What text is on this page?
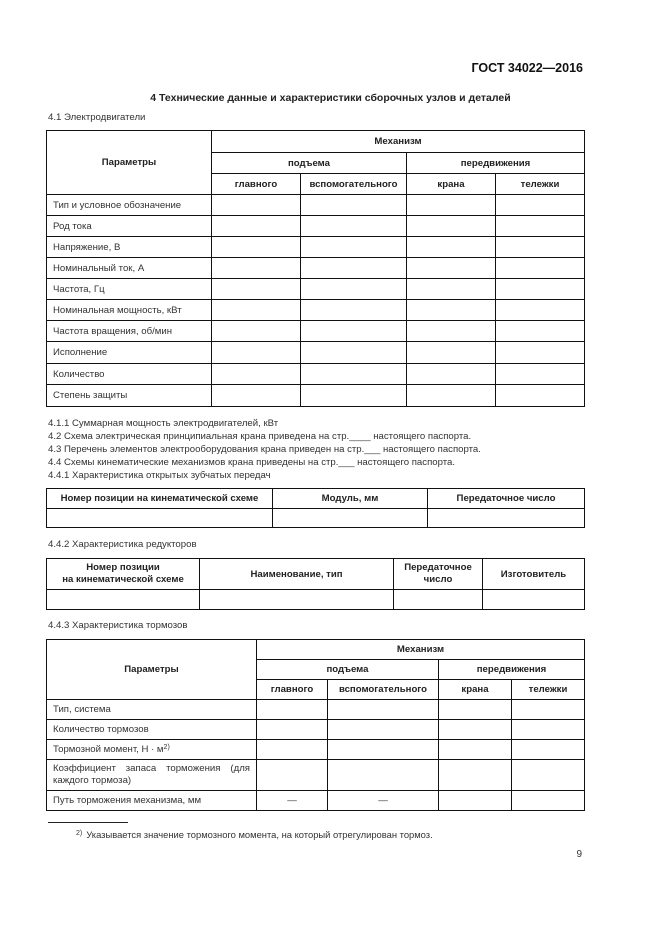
ГОСТ 34022—2016
4 Технические данные и характеристики сборочных узлов и деталей
4.1 Электродвигатели
Параметры	Механизм			
	подъема		передвижения	
	главного	вспомогательного	крана	тележки
Тип и условное обозначение				
Род тока				
Напряжение, В				
Номинальный ток, А				
Частота, Гц				
Номинальная мощность, кВт				
Частота вращения, об/мин				
Исполнение				
Количество				
Степень защиты				
4.1.1 Суммарная мощность электродвигателей, кВт
4.2 Схема электрическая принципиальная крана приведена на стр.____ настоящего паспорта.
4.3 Перечень элементов электрооборудования крана приведен на стр.___ настоящего паспорта.
4.4 Схемы кинематические механизмов крана приведены на стр.___ настоящего паспорта.
4.4.1 Характеристика открытых зубчатых передач
Номер позиции на кинематической схеме	Модуль, мм	Передаточное число

4.4.2 Характеристика редукторов
Номер позиции
на кинематической схеме	Наименование, тип	Передаточное
число	Изготовитель

4.4.3 Характеристика тормозов
Параметры	Механизм			
	подъема		передвижения	
	главного	вспомогательного	крана	тележки
Тип, система				
Количество тормозов				
Тормозной момент, $Н \cdot м^{2)}$				
Коэффициент запаса торможения (для каждого тормоза)				
Путь торможения механизма, мм	—	—		
$^{2)}$ Указывается значение тормозного момента, на который отрегулирован тормоз.
9
